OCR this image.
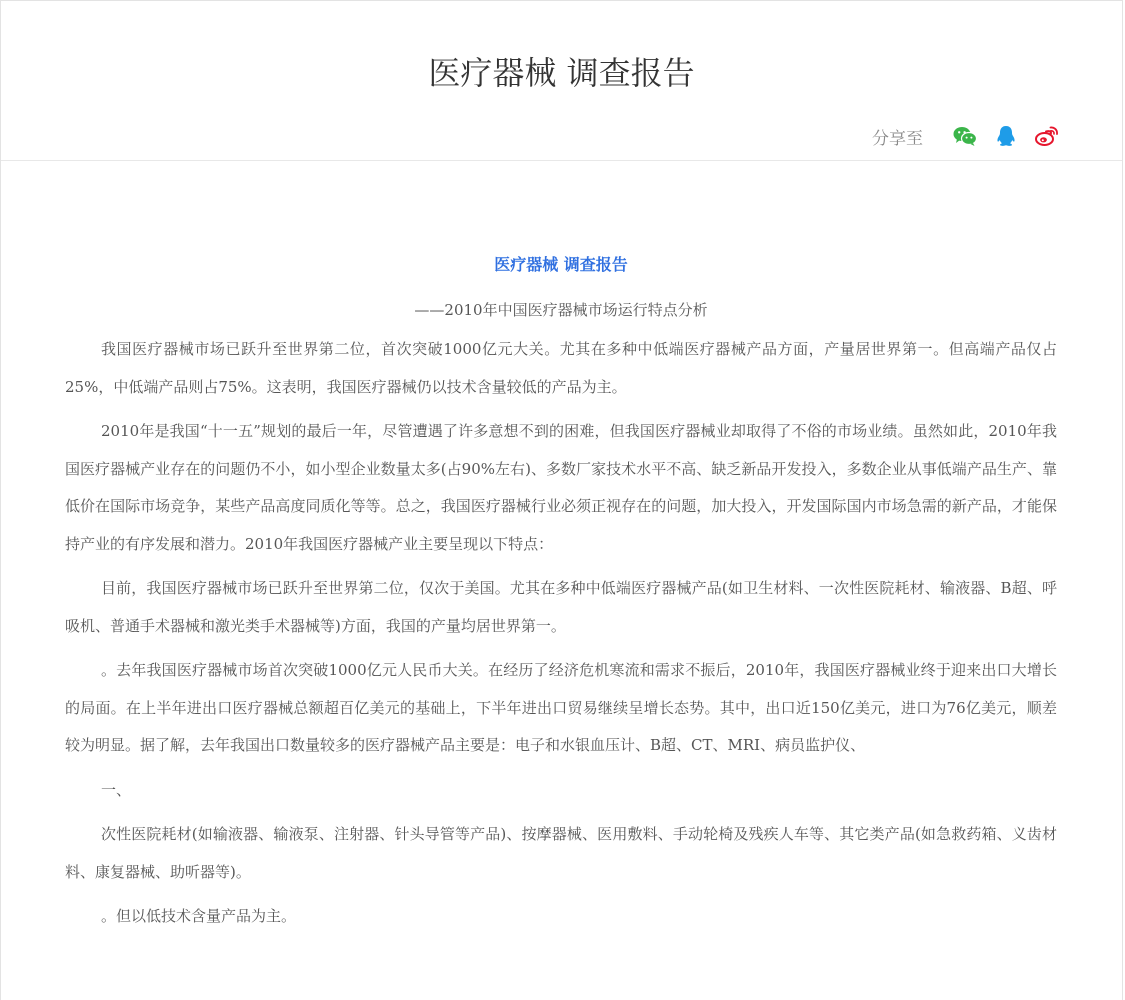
医疗器械 调查报告
分享至
医疗器械 调查报告
——2010年中国医疗器械市场运行特点分析

我国医疗器械市场已跃升至世界第二位，首次突破1000亿元大关。尤其在多种中低端医疗器械产品方面，产量居世界第一。但高端产品仅占25%，中低端产品则占75%。这表明，我国医疗器械仍以技术含量较低的产品为主。

2010年是我国“十一五”规划的最后一年，尽管遭遇了许多意想不到的困难，但我国医疗器械业却取得了不俗的市场业绩。虽然如此，2010年我国医疗器械产业存在的问题仍不小，如小型企业数量太多(占90%左右)、多数厂家技术水平不高、缺乏新品开发投入，多数企业从事低端产品生产、靠低价在国际市场竞争，某些产品高度同质化等等。总之，我国医疗器械行业必须正视存在的问题，加大投入，开发国际国内市场急需的新产品，才能保持产业的有序发展和潜力。2010年我国医疗器械产业主要呈现以下特点：

目前，我国医疗器械市场已跃升至世界第二位，仅次于美国。尤其在多种中低端医疗器械产品(如卫生材料、一次性医院耗材、输液器、B超、呼吸机、普通手术器械和激光类手术器械等)方面，我国的产量均居世界第一。

。去年我国医疗器械市场首次突破1000亿元人民币大关。在经历了经济危机寒流和需求不振后，2010年，我国医疗器械业终于迎来出口大增长的局面。在上半年进出口医疗器械总额超百亿美元的基础上，下半年进出口贸易继续呈增长态势。其中，出口近150亿美元，进口为76亿美元，顺差较为明显。据了解，去年我国出口数量较多的医疗器械产品主要是：电子和水银血压计、B超、CT、MRI、病员监护仪、

一、

次性医院耗材(如输液器、输液泵、注射器、针头导管等产品)、按摩器械、医用敷料、手动轮椅及残疾人车等、其它类产品(如急救药箱、义齿材料、康复器械、助听器等)。

。但以低技术含量产品为主。
